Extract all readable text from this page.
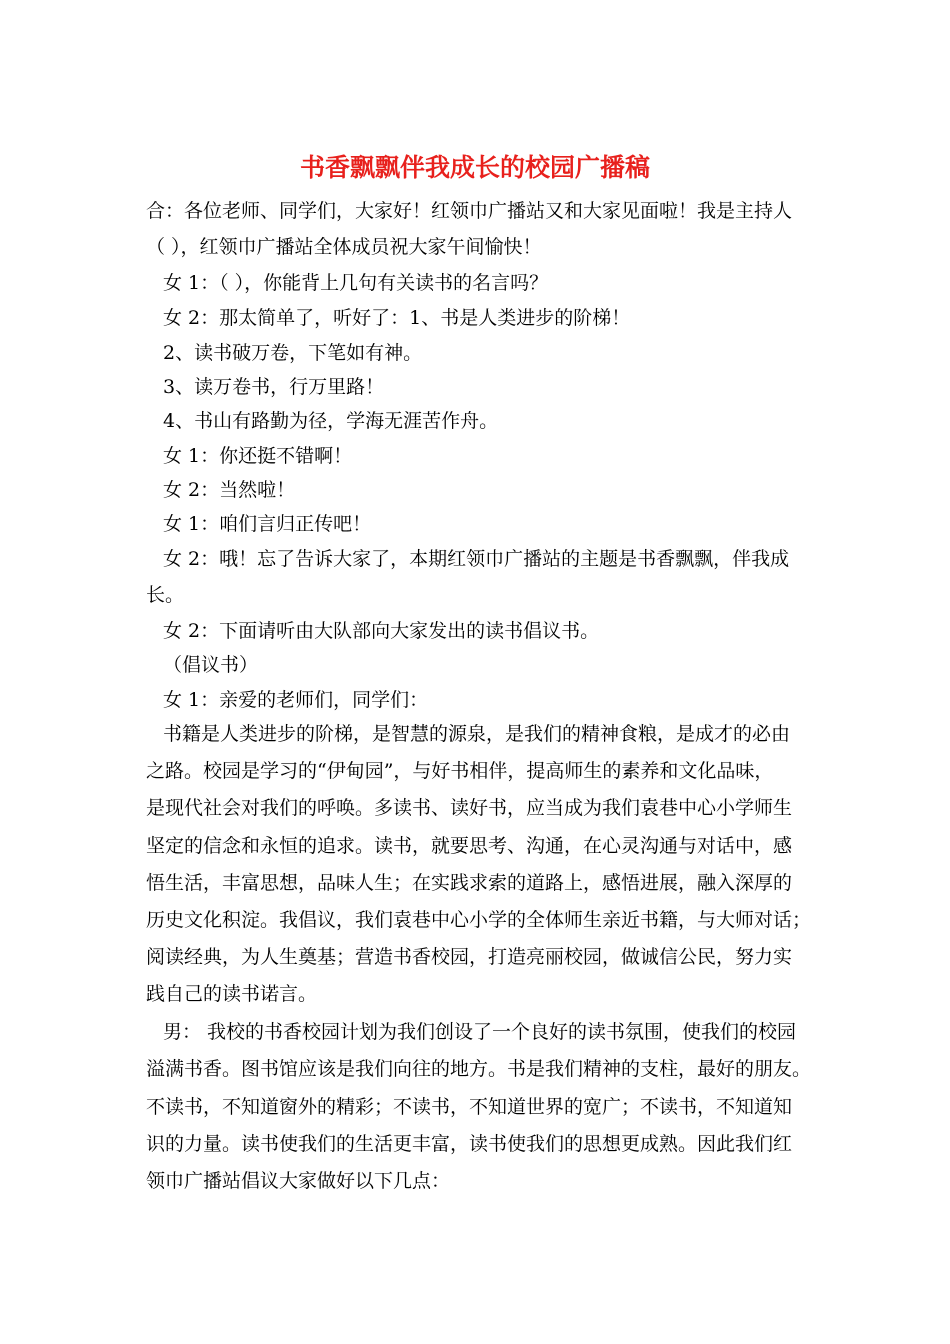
书香飘飘伴我成长的校园广播稿
合：各位老师、同学们，大家好！红领巾广播站又和大家见面啦！我是主持人
（ ），红领巾广播站全体成员祝大家午间愉快！
女 1：（ ），你能背上几句有关读书的名言吗？
女 2：那太简单了，听好了：1、书是人类进步的阶梯！
2、读书破万卷，下笔如有神。
3、读万卷书，行万里路！
4、书山有路勤为径，学海无涯苦作舟。
女 1：你还挺不错啊！
女 2：当然啦！
女 1：咱们言归正传吧！
女 2：哦！忘了告诉大家了，本期红领巾广播站的主题是书香飘飘，伴我成
长。
女 2：下面请听由大队部向大家发出的读书倡议书。
（倡议书）
女 1：亲爱的老师们，同学们：
书籍是人类进步的阶梯，是智慧的源泉，是我们的精神食粮，是成才的必由
之路。校园是学习的“伊甸园”，与好书相伴，提高师生的素养和文化品味，
是现代社会对我们的呼唤。多读书、读好书，应当成为我们袁巷中心小学师生
坚定的信念和永恒的追求。读书，就要思考、沟通，在心灵沟通与对话中，感
悟生活，丰富思想，品味人生；在实践求索的道路上，感悟进展，融入深厚的
历史文化积淀。我倡议，我们袁巷中心小学的全体师生亲近书籍，与大师对话；
阅读经典，为人生奠基；营造书香校园，打造亮丽校园，做诚信公民，努力实
践自己的读书诺言。
男： 我校的书香校园计划为我们创设了一个良好的读书氛围，使我们的校园
溢满书香。图书馆应该是我们向往的地方。书是我们精神的支柱，最好的朋友。
不读书，不知道窗外的精彩；不读书，不知道世界的宽广；不读书，不知道知
识的力量。读书使我们的生活更丰富，读书使我们的思想更成熟。因此我们红
领巾广播站倡议大家做好以下几点：
